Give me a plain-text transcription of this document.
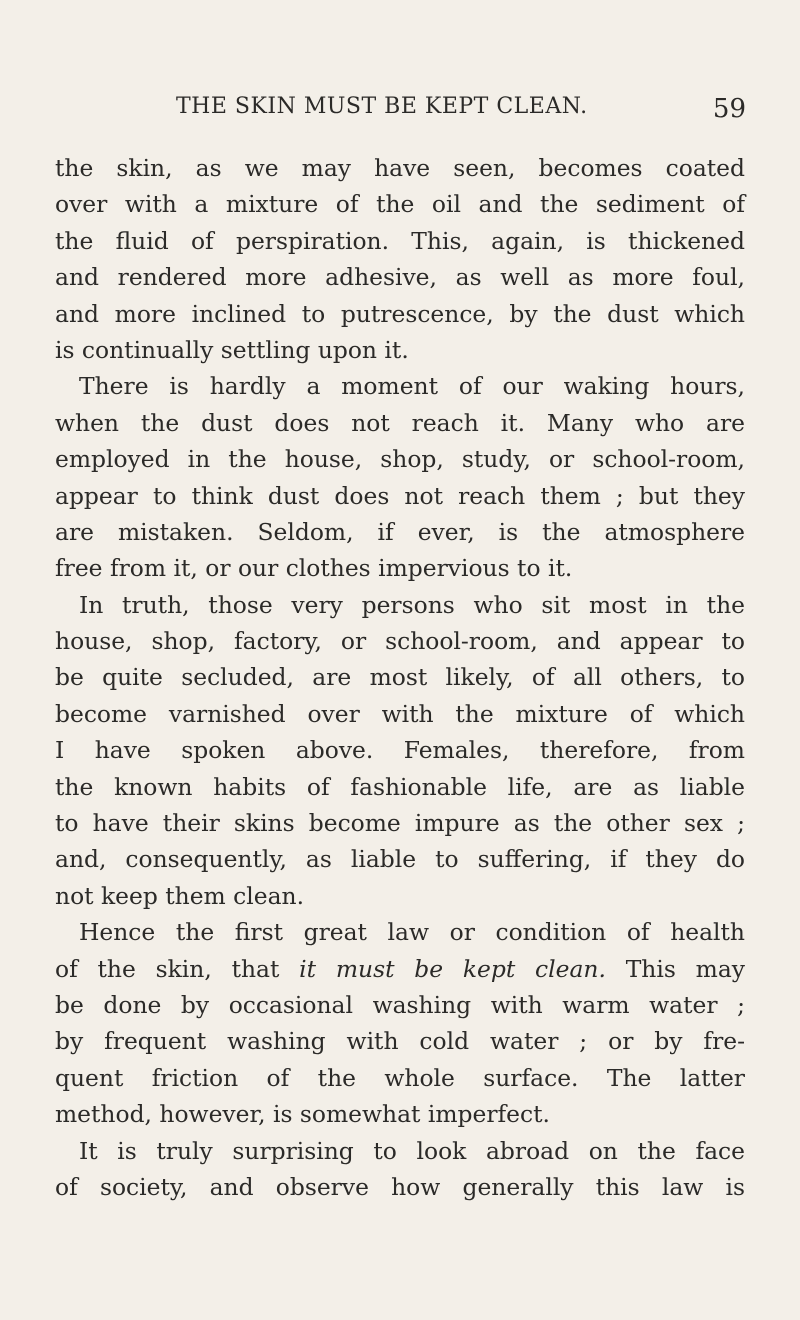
THE SKIN MUST BE KEPT CLEAN.	59
the skin, as we may have seen, becomes coated
over with a mixture of the oil and the sediment of
the fluid of perspiration. This, again, is thickened
and rendered more adhesive, as well as more foul,
and more inclined to putrescence, by the dust which
is continually settling upon it.
There is hardly a moment of our waking hours,
when the dust does not reach it. Many who are
employed in the house, shop, study, or school-room,
appear to think dust does not reach them ; but they
are mistaken. Seldom, if ever, is the atmosphere
free from it, or our clothes impervious to it.
In truth, those very persons who sit most in the
house, shop, factory, or school-room, and appear to
be quite secluded, are most likely, of all others, to
become varnished over with the mixture of which
I have spoken above. Females, therefore, from
the known habits of fashionable life, are as liable
to have their skins become impure as the other sex ;
and, consequently, as liable to suffering, if they do
not keep them clean.
Hence the first great law or condition of health
of the skin, that it must be kept clean. This may
be done by occasional washing with warm water ;
by frequent washing with cold water ; or by fre-
quent friction of the whole surface. The latter
method, however, is somewhat imperfect.
It is truly surprising to look abroad on the face
of society, and observe how generally this law is
